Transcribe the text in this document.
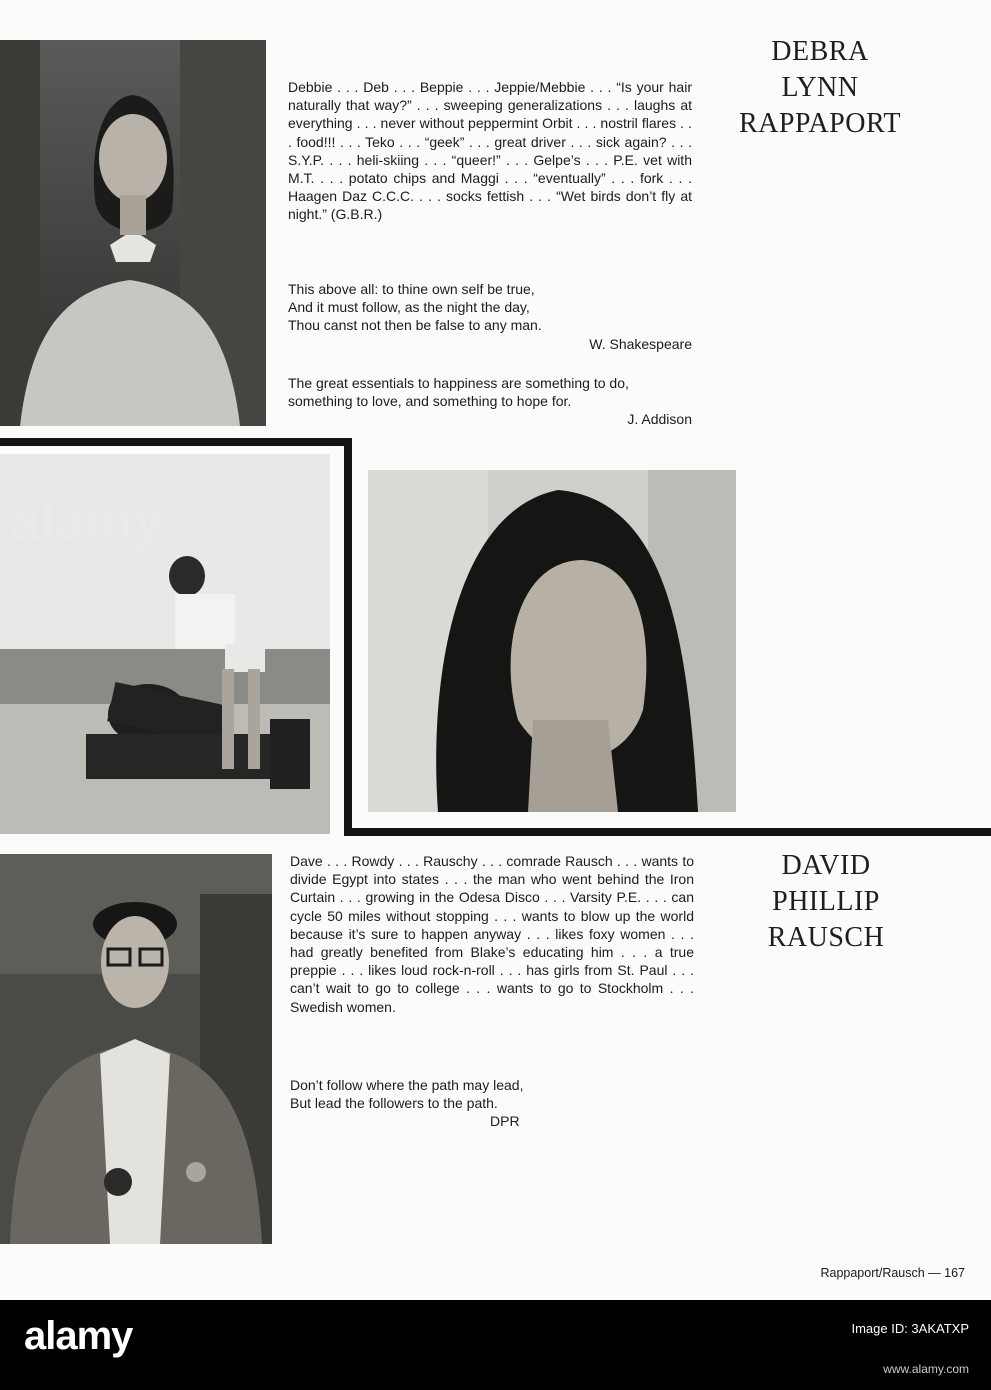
DEBRA
LYNN
RAPPAPORT
Debbie . . . Deb . . . Beppie . . . Jeppie/Mebbie . . . “Is your hair naturally that way?” . . . sweeping generalizations . . . laughs at everything . . . never without peppermint Orbit . . . nostril flares . . . food!!! . . . Teko . . . “geek” . . . great driver . . . sick again? . . . S.Y.P. . . . heli-skiing . . . “queer!” . . . Gelpe’s . . . P.E. vet with M.T. . . . potato chips and Maggi . . . “eventually” . . . fork . . . Haagen Daz C.C.C. . . . socks fettish . . . “Wet birds don’t fly at night.” (G.B.R.)
This above all: to thine own self be true,
And it must follow, as the night the day,
Thou canst not then be false to any man.
W. Shakespeare
The great essentials to happiness are something to do, something to love, and something to hope for.
J. Addison
DAVID
PHILLIP
RAUSCH
Dave . . . Rowdy . . . Rauschy . . . comrade Rausch . . . wants to divide Egypt into states . . . the man who went behind the Iron Curtain . . . growing in the Odesa Disco . . . Varsity P.E. . . . can cycle 50 miles without stopping . . . wants to blow up the world because it’s sure to happen anyway . . . likes foxy women . . . had greatly benefited from Blake’s educating him . . . a true preppie . . . likes loud rock-n-roll . . . has girls from St. Paul . . . can’t wait to go to college . . . wants to go to Stockholm . . . Swedish women.
Don’t follow where the path may lead,
But lead the followers to the path.
DPR
Rappaport/Rausch — 167
alamy	Image ID: 3AKATXP
www.alamy.com
